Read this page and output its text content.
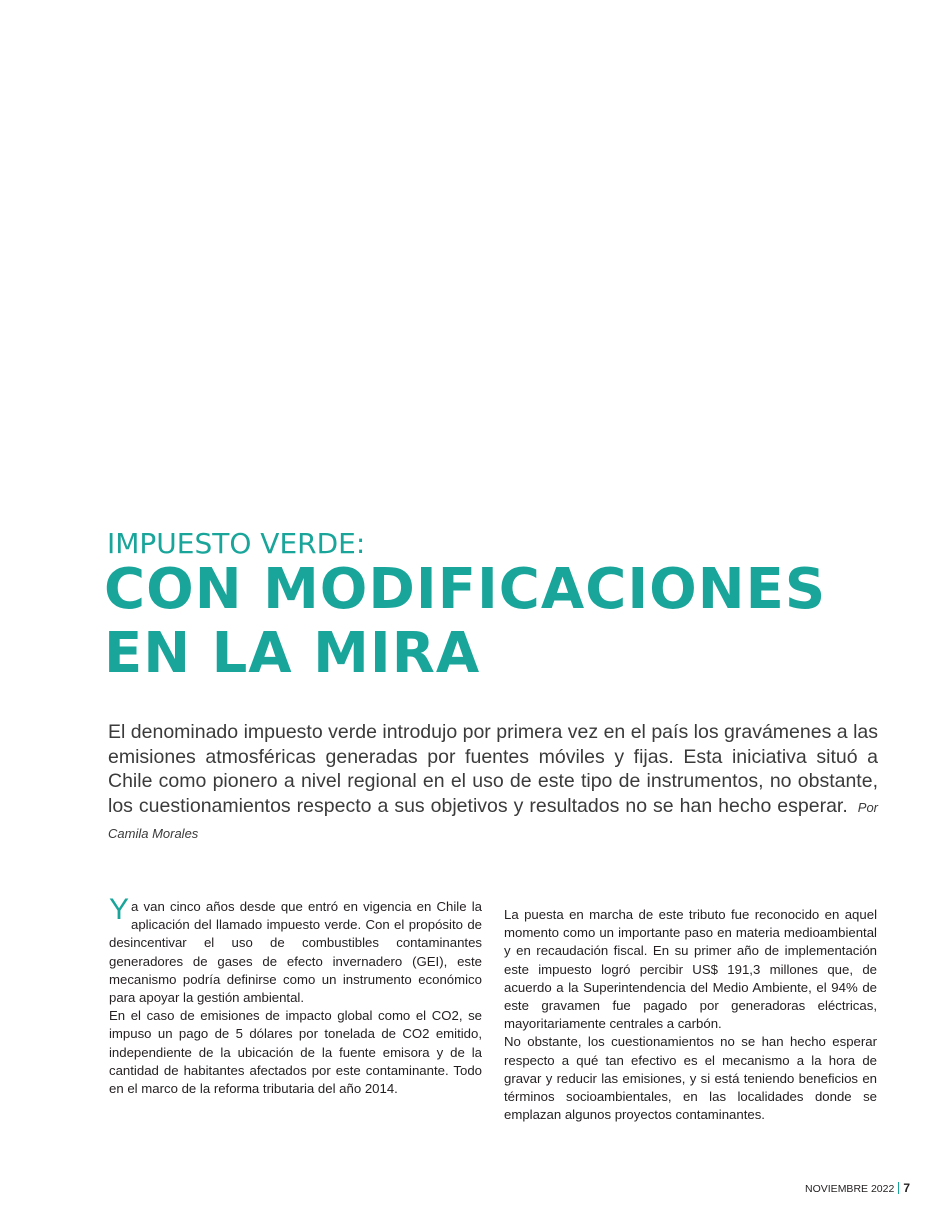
IMPUESTO VERDE:
CON MODIFICACIONES
EN LA MIRA

El denominado impuesto verde introdujo por primera vez en el país los gravámenes a las emisiones atmosféricas generadas por fuentes móviles y fijas. Esta iniciativa situó a Chile como pionero a nivel regional en el uso de este tipo de instrumentos, no obstante, los cuestionamientos respecto a sus objetivos y resultados no se han hecho esperar. Por Camila Morales

Ya van cinco años desde que entró en vigencia en Chile la aplicación del llamado impuesto verde. Con el propósito de desincentivar el uso de combustibles contaminantes generadores de gases de efecto invernadero (GEI), este mecanismo podría definirse como un instrumento económico para apoyar la gestión ambiental.

En el caso de emisiones de impacto global como el CO2, se impuso un pago de 5 dólares por tonelada de CO2 emitido, independiente de la ubicación de la fuente emisora y de la cantidad de habitantes afectados por este contaminante. Todo en el marco de la reforma tributaria del año 2014.

La puesta en marcha de este tributo fue reconocido en aquel momento como un importante paso en materia medioambiental y en recaudación fiscal. En su primer año de implementación este impuesto logró percibir US$ 191,3 millones que, de acuerdo a la Superintendencia del Medio Ambiente, el 94% de este gravamen fue pagado por generadoras eléctricas, mayoritariamente centrales a carbón.

No obstante, los cuestionamientos no se han hecho esperar respecto a qué tan efectivo es el mecanismo a la hora de gravar y reducir las emisiones, y si está teniendo beneficios en términos socioambientales, en las localidades donde se emplazan algunos proyectos contaminantes.

NOVIEMBRE 2022 7
